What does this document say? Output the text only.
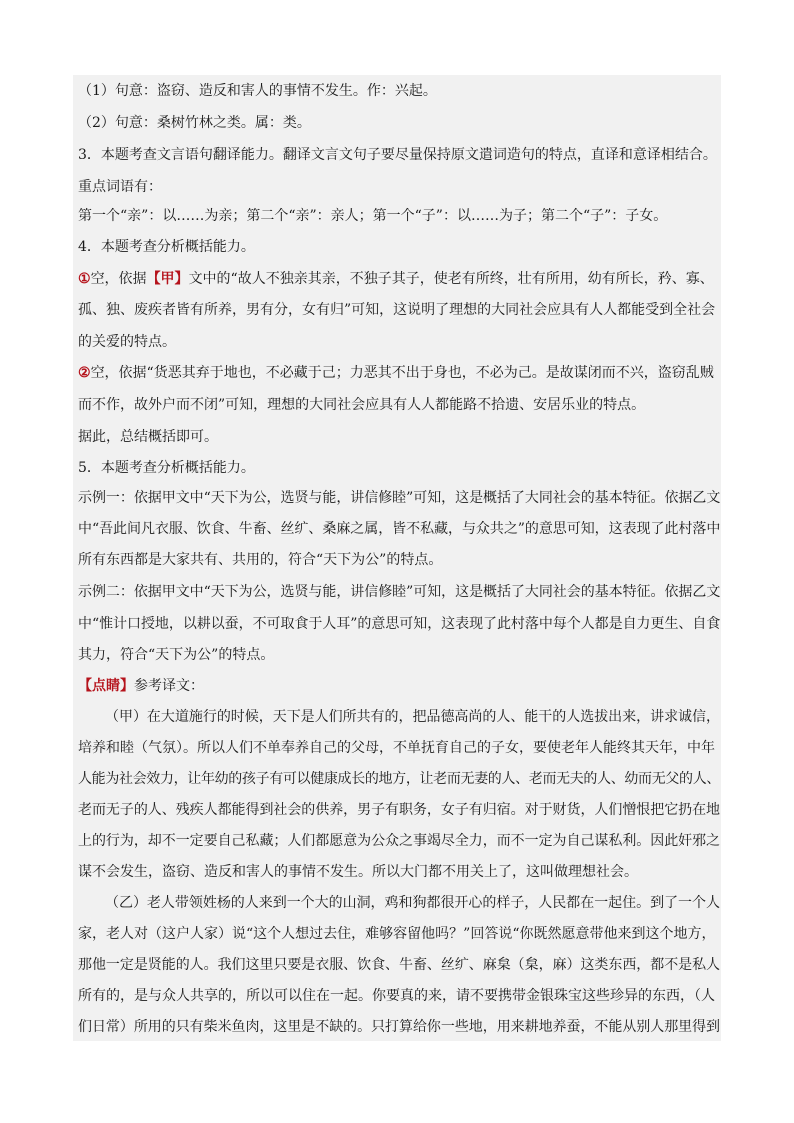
（1）句意：盗窃、造反和害人的事情不发生。作：兴起。
（2）句意：桑树竹林之类。属：类。
3．本题考查文言语句翻译能力。翻译文言文句子要尽量保持原文遣词造句的特点，直译和意译相结合。
重点词语有：
第一个“亲”：以……为亲；第二个“亲”：亲人；第一个“子”：以……为子；第二个“子”：子女。
4．本题考查分析概括能力。
①空，依据【甲】文中的“故人不独亲其亲，不独子其子，使老有所终，壮有所用，幼有所长，矜、寡、
孤、独、废疾者皆有所养，男有分，女有归”可知，这说明了理想的大同社会应具有人人都能受到全社会
的关爱的特点。
②空，依据“货恶其弃于地也，不必藏于己；力恶其不出于身也，不必为己。是故谋闭而不兴，盗窃乱贼
而不作，故外户而不闭”可知，理想的大同社会应具有人人都能路不拾遗、安居乐业的特点。
据此，总结概括即可。
5．本题考查分析概括能力。
示例一：依据甲文中“天下为公，选贤与能，讲信修睦”可知，这是概括了大同社会的基本特征。依据乙文
中“吾此间凡衣服、饮食、牛畜、丝纩、桑麻之属，皆不私藏，与众共之”的意思可知，这表现了此村落中
所有东西都是大家共有、共用的，符合“天下为公”的特点。
示例二：依据甲文中“天下为公，选贤与能，讲信修睦”可知，这是概括了大同社会的基本特征。依据乙文
中“惟计口授地，以耕以蚕，不可取食于人耳”的意思可知，这表现了此村落中每个人都是自力更生、自食
其力，符合“天下为公”的特点。
【点睛】参考译文：
（甲）在大道施行的时候，天下是人们所共有的，把品德高尚的人、能干的人选拔出来，讲求诚信，
培养和睦（气氛）。所以人们不单奉养自己的父母，不单抚育自己的子女，要使老年人能终其天年，中年
人能为社会效力，让年幼的孩子有可以健康成长的地方，让老而无妻的人、老而无夫的人、幼而无父的人、
老而无子的人、残疾人都能得到社会的供养，男子有职务，女子有归宿。对于财货，人们憎恨把它扔在地
上的行为，却不一定要自己私藏；人们都愿意为公众之事竭尽全力，而不一定为自己谋私利。因此奸邪之
谋不会发生，盗窃、造反和害人的事情不发生。所以大门都不用关上了，这叫做理想社会。
（乙）老人带领姓杨的人来到一个大的山洞，鸡和狗都很开心的样子，人民都在一起住。到了一个人
家，老人对（这户人家）说“这个人想过去住，难够容留他吗？”回答说“你既然愿意带他来到这个地方，
那他一定是贤能的人。我们这里只要是衣服、饮食、牛畜、丝纩、麻枲（枲，麻）这类东西，都不是私人
所有的，是与众人共享的，所以可以住在一起。你要真的来，请不要携带金银珠宝这些珍异的东西，（人
们日常）所用的只有柴米鱼肉，这里是不缺的。只打算给你一些地，用来耕地养蚕，不能从别人那里得到
